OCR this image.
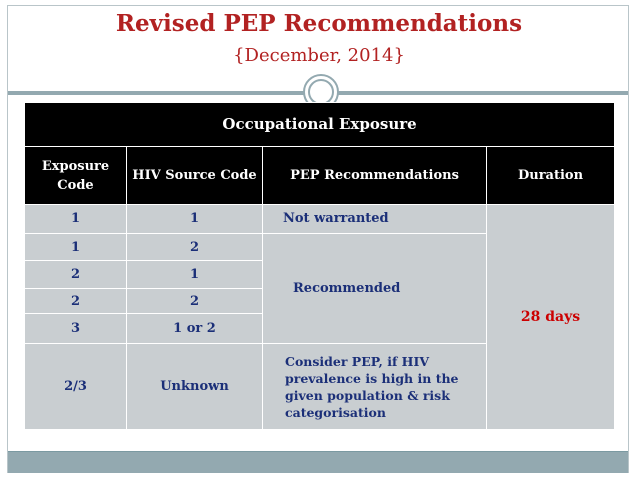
Revised PEP Recommendations
{December, 2014}
Occupational Exposure			
Exposure Code	HIV Source Code	PEP Recommendations	Duration
1	1	Not warranted	28 days
1	2	Recommended	
2	1		
2	2		
3	1 or 2		
2/3	Unknown	Consider PEP, if HIV prevalence is high in the given population & risk categorisation	
